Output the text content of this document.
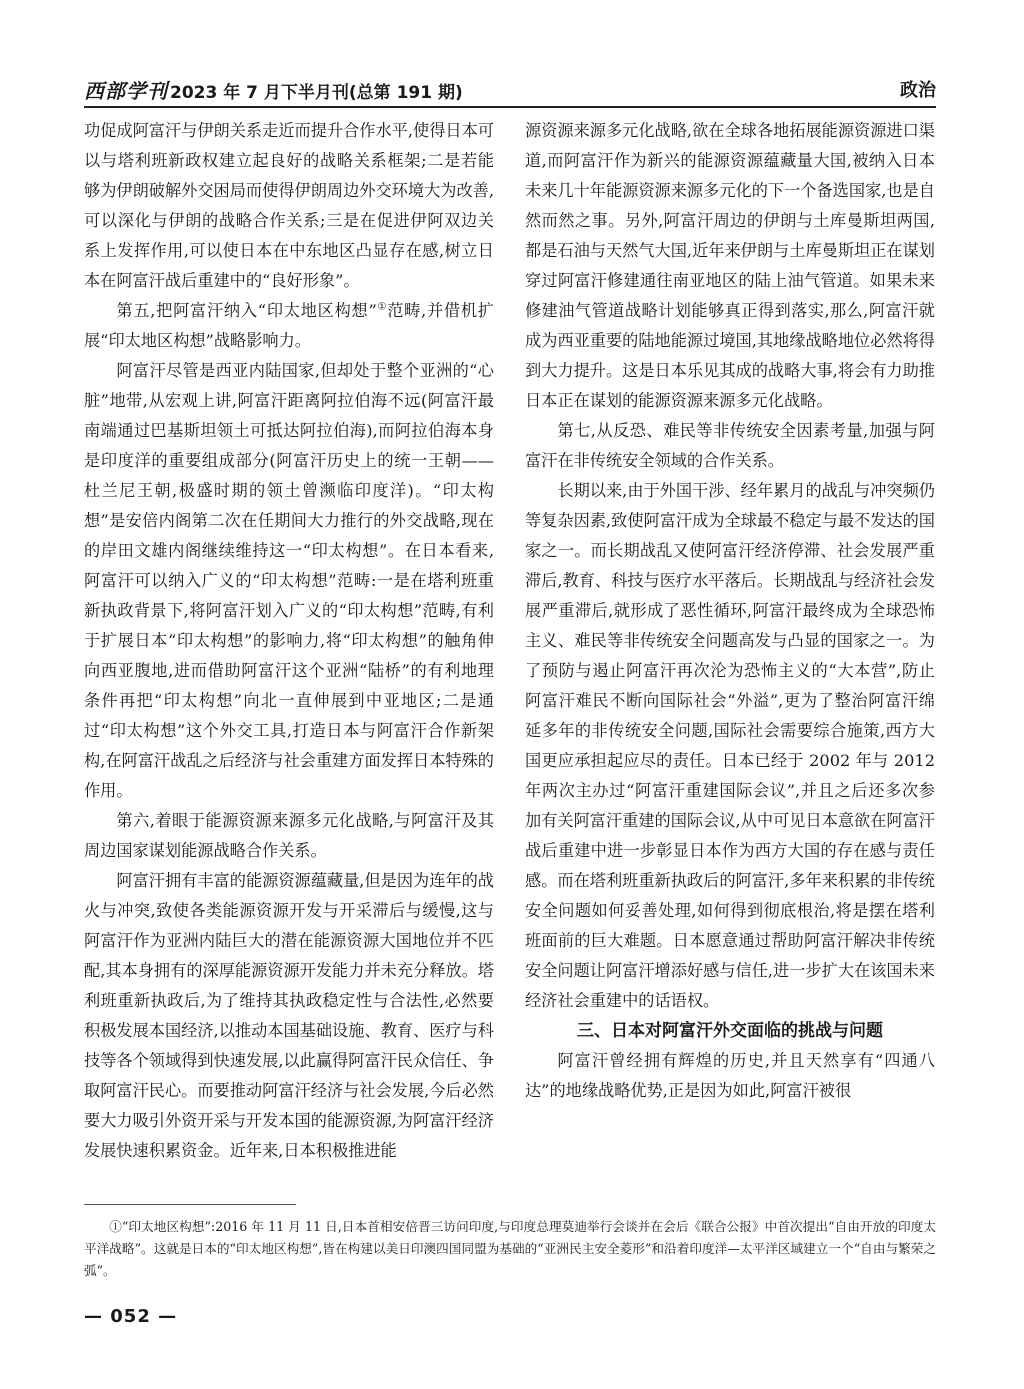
西部学刊 2023 年 7 月下半月刊(总第 191 期)	政治

功促成阿富汗与伊朗关系走近而提升合作水平,使得日本可以与塔利班新政权建立起良好的战略关系框架;二是若能够为伊朗破解外交困局而使得伊朗周边外交环境大为改善,可以深化与伊朗的战略合作关系;三是在促进伊阿双边关系上发挥作用,可以使日本在中东地区凸显存在感,树立日本在阿富汗战后重建中的“良好形象”。

第五,把阿富汗纳入“印太地区构想”①范畴,并借机扩展“印太地区构想”战略影响力。

阿富汗尽管是西亚内陆国家,但却处于整个亚洲的“心脏”地带,从宏观上讲,阿富汗距离阿拉伯海不远(阿富汗最南端通过巴基斯坦领土可抵达阿拉伯海),而阿拉伯海本身是印度洋的重要组成部分(阿富汗历史上的统一王朝——杜兰尼王朝,极盛时期的领土曾濒临印度洋)。“印太构想”是安倍内阁第二次在任期间大力推行的外交战略,现在的岸田文雄内阁继续维持这一“印太构想”。在日本看来,阿富汗可以纳入广义的“印太构想”范畴:一是在塔利班重新执政背景下,将阿富汗划入广义的“印太构想”范畴,有利于扩展日本“印太构想”的影响力,将“印太构想”的触角伸向西亚腹地,进而借助阿富汗这个亚洲“陆桥”的有利地理条件再把“印太构想”向北一直伸展到中亚地区;二是通过“印太构想”这个外交工具,打造日本与阿富汗合作新架构,在阿富汗战乱之后经济与社会重建方面发挥日本特殊的作用。

第六,着眼于能源资源来源多元化战略,与阿富汗及其周边国家谋划能源战略合作关系。

阿富汗拥有丰富的能源资源蕴藏量,但是因为连年的战火与冲突,致使各类能源资源开发与开采滞后与缓慢,这与阿富汗作为亚洲内陆巨大的潜在能源资源大国地位并不匹配,其本身拥有的深厚能源资源开发能力并未充分释放。塔利班重新执政后,为了维持其执政稳定性与合法性,必然要积极发展本国经济,以推动本国基础设施、教育、医疗与科技等各个领域得到快速发展,以此赢得阿富汗民众信任、争取阿富汗民心。而要推动阿富汗经济与社会发展,今后必然要大力吸引外资开采与开发本国的能源资源,为阿富汗经济发展快速积累资金。近年来,日本积极推进能

源资源来源多元化战略,欲在全球各地拓展能源资源进口渠道,而阿富汗作为新兴的能源资源蕴藏量大国,被纳入日本未来几十年能源资源来源多元化的下一个备选国家,也是自然而然之事。另外,阿富汗周边的伊朗与土库曼斯坦两国,都是石油与天然气大国,近年来伊朗与土库曼斯坦正在谋划穿过阿富汗修建通往南亚地区的陆上油气管道。如果未来修建油气管道战略计划能够真正得到落实,那么,阿富汗就成为西亚重要的陆地能源过境国,其地缘战略地位必然将得到大力提升。这是日本乐见其成的战略大事,将会有力助推日本正在谋划的能源资源来源多元化战略。

第七,从反恐、难民等非传统安全因素考量,加强与阿富汗在非传统安全领域的合作关系。

长期以来,由于外国干涉、经年累月的战乱与冲突频仍等复杂因素,致使阿富汗成为全球最不稳定与最不发达的国家之一。而长期战乱又使阿富汗经济停滞、社会发展严重滞后,教育、科技与医疗水平落后。长期战乱与经济社会发展严重滞后,就形成了恶性循环,阿富汗最终成为全球恐怖主义、难民等非传统安全问题高发与凸显的国家之一。为了预防与遏止阿富汗再次沦为恐怖主义的“大本营”,防止阿富汗难民不断向国际社会“外溢”,更为了整治阿富汗绵延多年的非传统安全问题,国际社会需要综合施策,西方大国更应承担起应尽的责任。日本已经于 2002 年与 2012 年两次主办过“阿富汗重建国际会议”,并且之后还多次参加有关阿富汗重建的国际会议,从中可见日本意欲在阿富汗战后重建中进一步彰显日本作为西方大国的存在感与责任感。而在塔利班重新执政后的阿富汗,多年来积累的非传统安全问题如何妥善处理,如何得到彻底根治,将是摆在塔利班面前的巨大难题。日本愿意通过帮助阿富汗解决非传统安全问题让阿富汗增添好感与信任,进一步扩大在该国未来经济社会重建中的话语权。

三、日本对阿富汗外交面临的挑战与问题

阿富汗曾经拥有辉煌的历史,并且天然享有“四通八达”的地缘战略优势,正是因为如此,阿富汗被很

①“印太地区构想”:2016 年 11 月 11 日,日本首相安倍晋三访问印度,与印度总理莫迪举行会谈并在会后《联合公报》中首次提出“自由开放的印度太平洋战略”。这就是日本的“印太地区构想”,皆在构建以美日印澳四国同盟为基础的“亚洲民主安全菱形”和沿着印度洋—太平洋区域建立一个“自由与繁荣之弧”。

— 052 —
